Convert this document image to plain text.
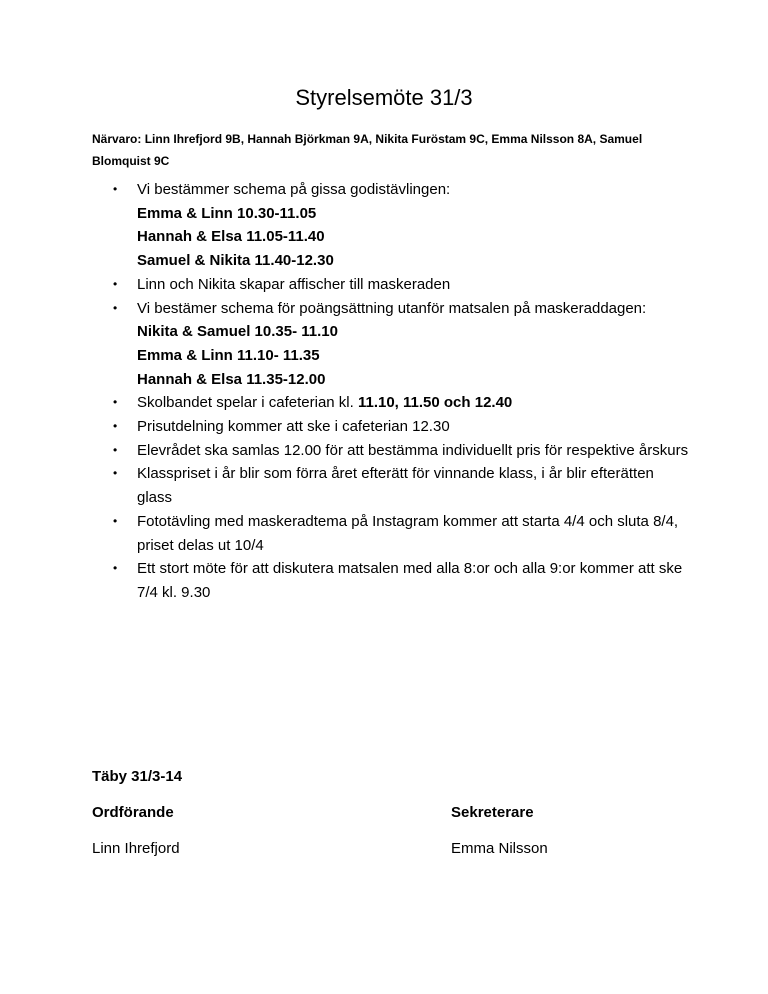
Styrelsemöte 31/3
Närvaro: Linn Ihrefjord 9B, Hannah Björkman 9A, Nikita Furöstam 9C, Emma Nilsson 8A, Samuel Blomquist 9C
• Vi bestämmer schema på gissa godistävlingen:
Emma & Linn 10.30-11.05
Hannah & Elsa 11.05-11.40
Samuel & Nikita 11.40-12.30
• Linn och Nikita skapar affischer till maskeraden
• Vi bestämer schema för poängsättning utanför matsalen på maskeraddagen:
Nikita & Samuel 10.35- 11.10
Emma & Linn 11.10- 11.35
Hannah & Elsa 11.35-12.00
• Skolbandet spelar i cafeterian kl. 11.10, 11.50 och 12.40
• Prisutdelning kommer att ske i cafeterian 12.30
• Elevrådet ska samlas 12.00 för att bestämma individuellt pris för respektive årskurs
• Klasspriset i år blir som förra året efterätt för vinnande klass, i år blir efterätten glass
• Fototävling med maskeradtema på Instagram kommer att starta 4/4 och sluta 8/4, priset delas ut 10/4
• Ett stort möte för att diskutera matsalen med alla 8:or och alla 9:or kommer att ske 7/4 kl. 9.30
Täby 31/3-14
Ordförande	Sekreterare
Linn Ihrefjord	Emma Nilsson
